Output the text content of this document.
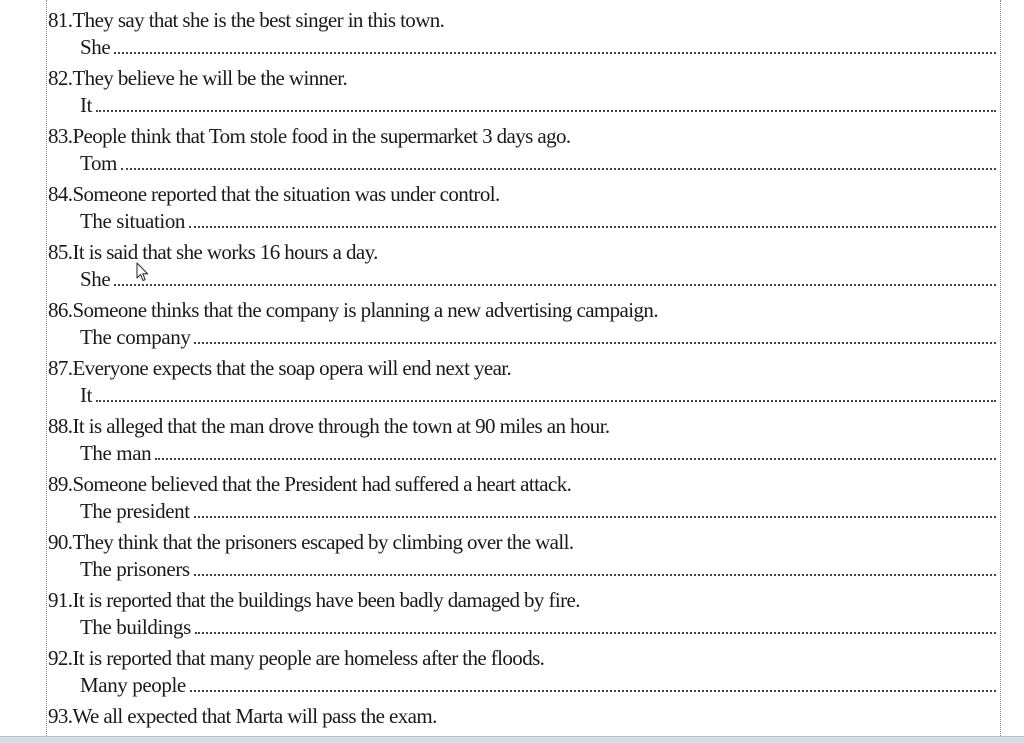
81.They say that she is the best singer in this town.
She
82.They believe he will be the winner.
It
83.People think that Tom stole food in the supermarket 3 days ago.
Tom
84.Someone reported that the situation was under control.
The situation
85.It is said that she works 16 hours a day.
She
86.Someone thinks that the company is planning a new advertising campaign.
The company
87.Everyone expects that the soap opera will end next year.
It
88.It is alleged that the man drove through the town at 90 miles an hour.
The man
89.Someone believed that the President had suffered a heart attack.
The president
90.They think that the prisoners escaped by climbing over the wall.
The prisoners
91.It is reported that the buildings have been badly damaged by fire.
The buildings
92.It is reported that many people are homeless after the floods.
Many people
93.We all expected that Marta will pass the exam.
